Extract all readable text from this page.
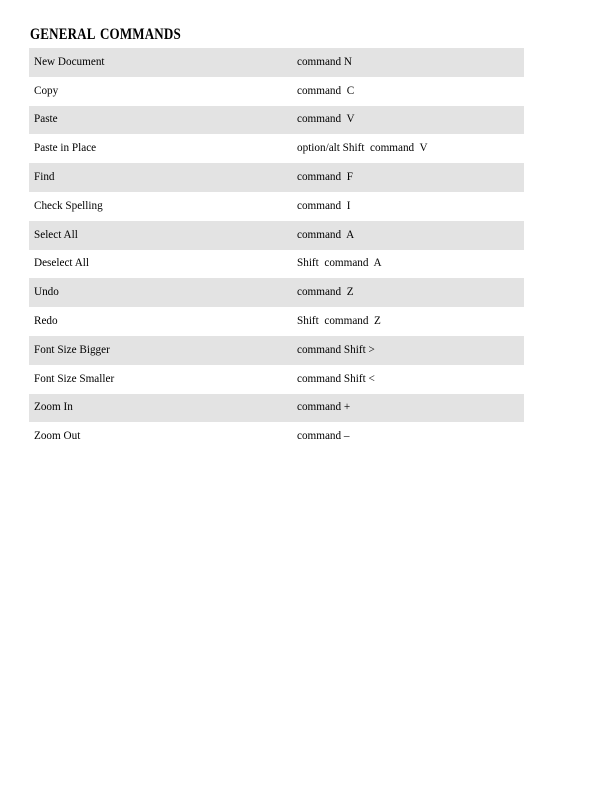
GENERAL COMMANDS
New Document	command N
Copy	command  C
Paste	command  V
Paste in Place	option/alt Shift  command  V
Find	command  F
Check Spelling	command  I
Select All	command  A
Deselect All	Shift  command  A
Undo	command  Z
Redo	Shift  command  Z
Font Size Bigger	command Shift >
Font Size Smaller	command Shift <
Zoom In	command +
Zoom Out	command –
